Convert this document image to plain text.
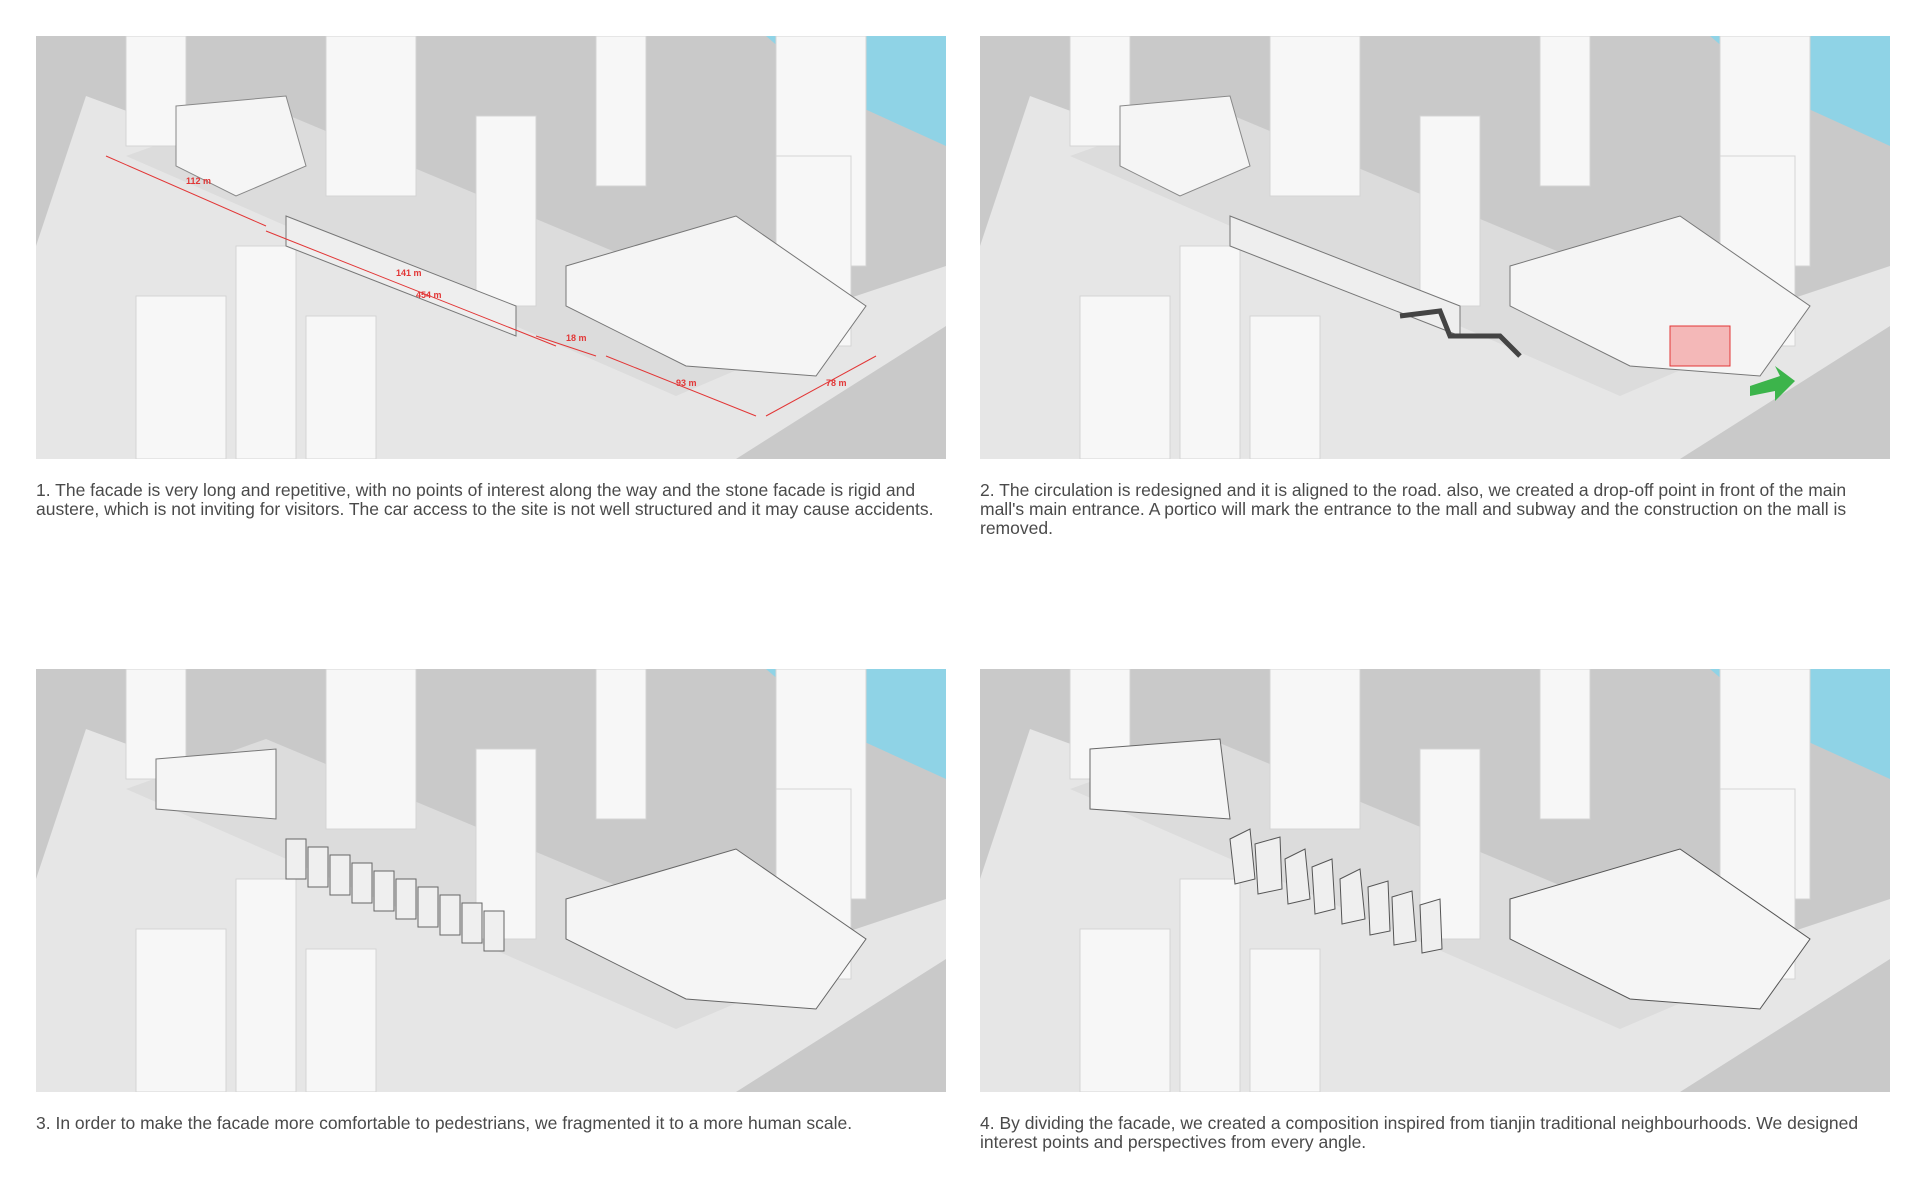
112 m
141 m
454 m
18 m
93 m	78 m

1. The facade is very long and repetitive, with no points of interest along the way and the stone facade is rigid and austere, which is not inviting for visitors. The car access to the site is not well structured and it may cause accidents.

2. The circulation is redesigned and it is aligned to the road. also, we created a drop-off point in front of the main mall's main entrance. A portico will mark the entrance to the mall and subway and the construction on the mall is removed.

3. In order to make the facade more comfortable to pedestrians, we fragmented it to a more human scale.	4. By dividing the facade, we created a composition inspired from tianjin traditional neighbourhoods. We designed interest points and perspectives from every angle.
